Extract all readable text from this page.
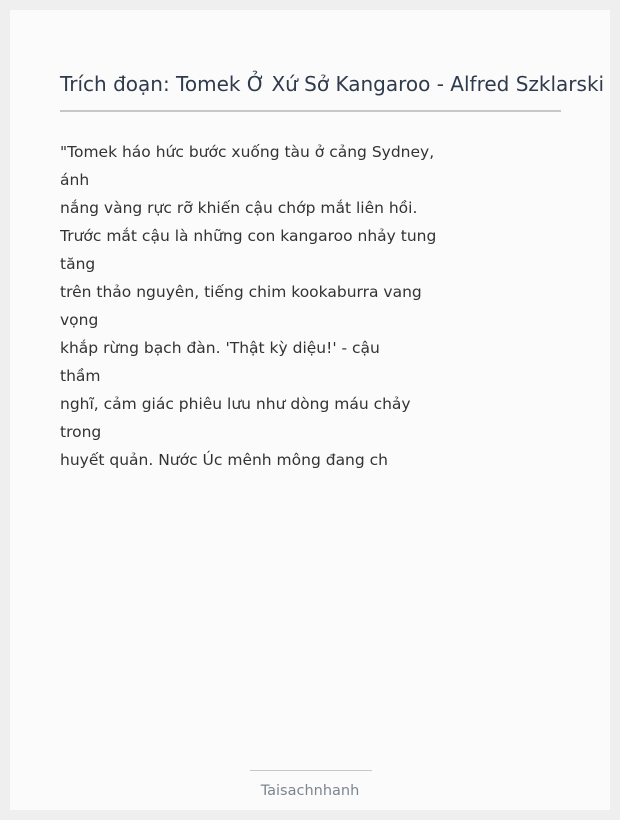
Trích đoạn: Tomek Ở Xứ Sở Kangaroo - Alfred Szklarski
"Tomek háo hức bước xuống tàu ở cảng Sydney,
ánh
nắng vàng rực rỡ khiến cậu chớp mắt liên hồi.
Trước mắt cậu là những con kangaroo nhảy tung
tăng
trên thảo nguyên, tiếng chim kookaburra vang
vọng
khắp rừng bạch đàn. 'Thật kỳ diệu!' - cậu
thầm
nghĩ, cảm giác phiêu lưu như dòng máu chảy
trong
huyết quản. Nước Úc mênh mông đang ch
Taisachnhanh
